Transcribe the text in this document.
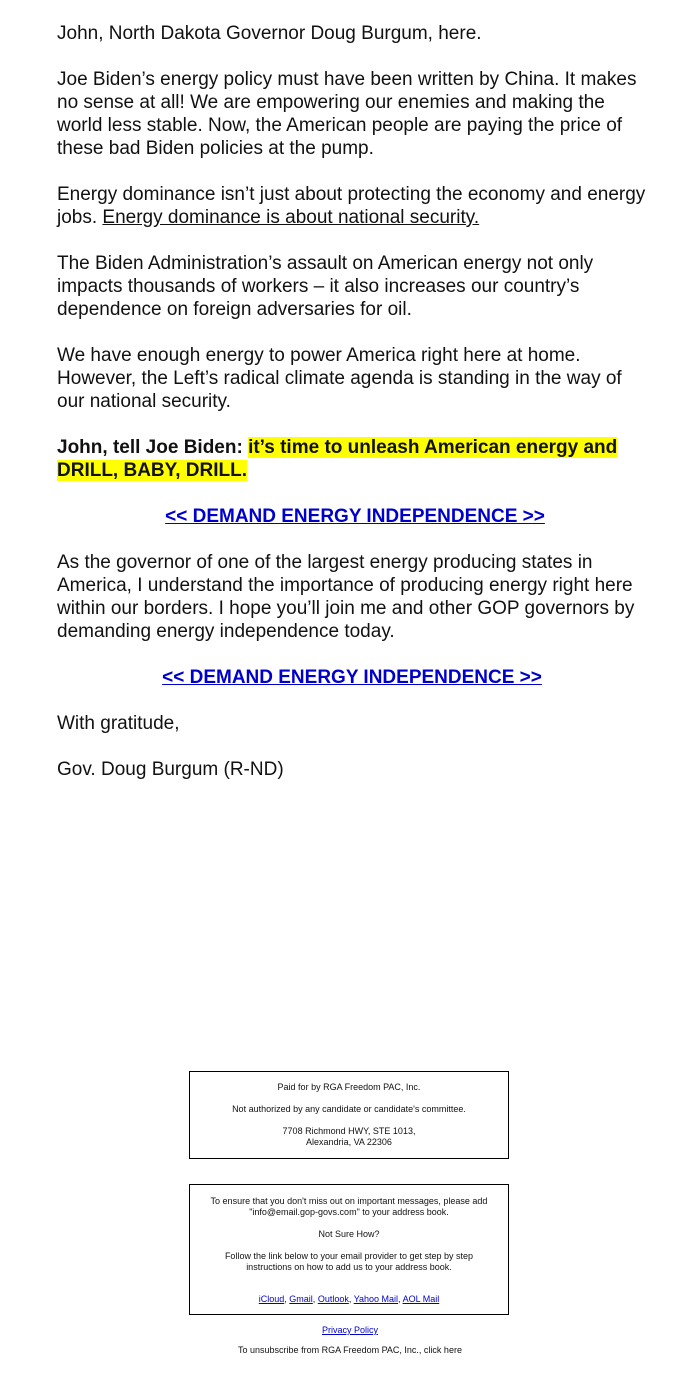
John, North Dakota Governor Doug Burgum, here.

Joe Biden’s energy policy must have been written by China. It makes no sense at all! We are empowering our enemies and making the world less stable. Now, the American people are paying the price of these bad Biden policies at the pump.

Energy dominance isn’t just about protecting the economy and energy jobs. Energy dominance is about national security.

The Biden Administration’s assault on American energy not only impacts thousands of workers – it also increases our country’s dependence on foreign adversaries for oil.

We have enough energy to power America right here at home. However, the Left’s radical climate agenda is standing in the way of our national security.

John, tell Joe Biden: it’s time to unleash American energy and DRILL, BABY, DRILL.

<< DEMAND ENERGY INDEPENDENCE >>

As the governor of one of the largest energy producing states in America, I understand the importance of producing energy right here within our borders. I hope you’ll join me and other GOP governors by demanding energy independence today.

<< DEMAND ENERGY INDEPENDENCE >>

With gratitude,

Gov. Doug Burgum (R-ND)

Paid for by RGA Freedom PAC, Inc.

Not authorized by any candidate or candidate's committee.

7708 Richmond HWY, STE 1013,
Alexandria, VA 22306

To ensure that you don't miss out on important messages, please add "info@email.gop-govs.com" to your address book.

Not Sure How?

Follow the link below to your email provider to get step by step instructions on how to add us to your address book.

iCloud, Gmail, Outlook, Yahoo Mail, AOL Mail

Privacy Policy
To unsubscribe from RGA Freedom PAC, Inc., click here
